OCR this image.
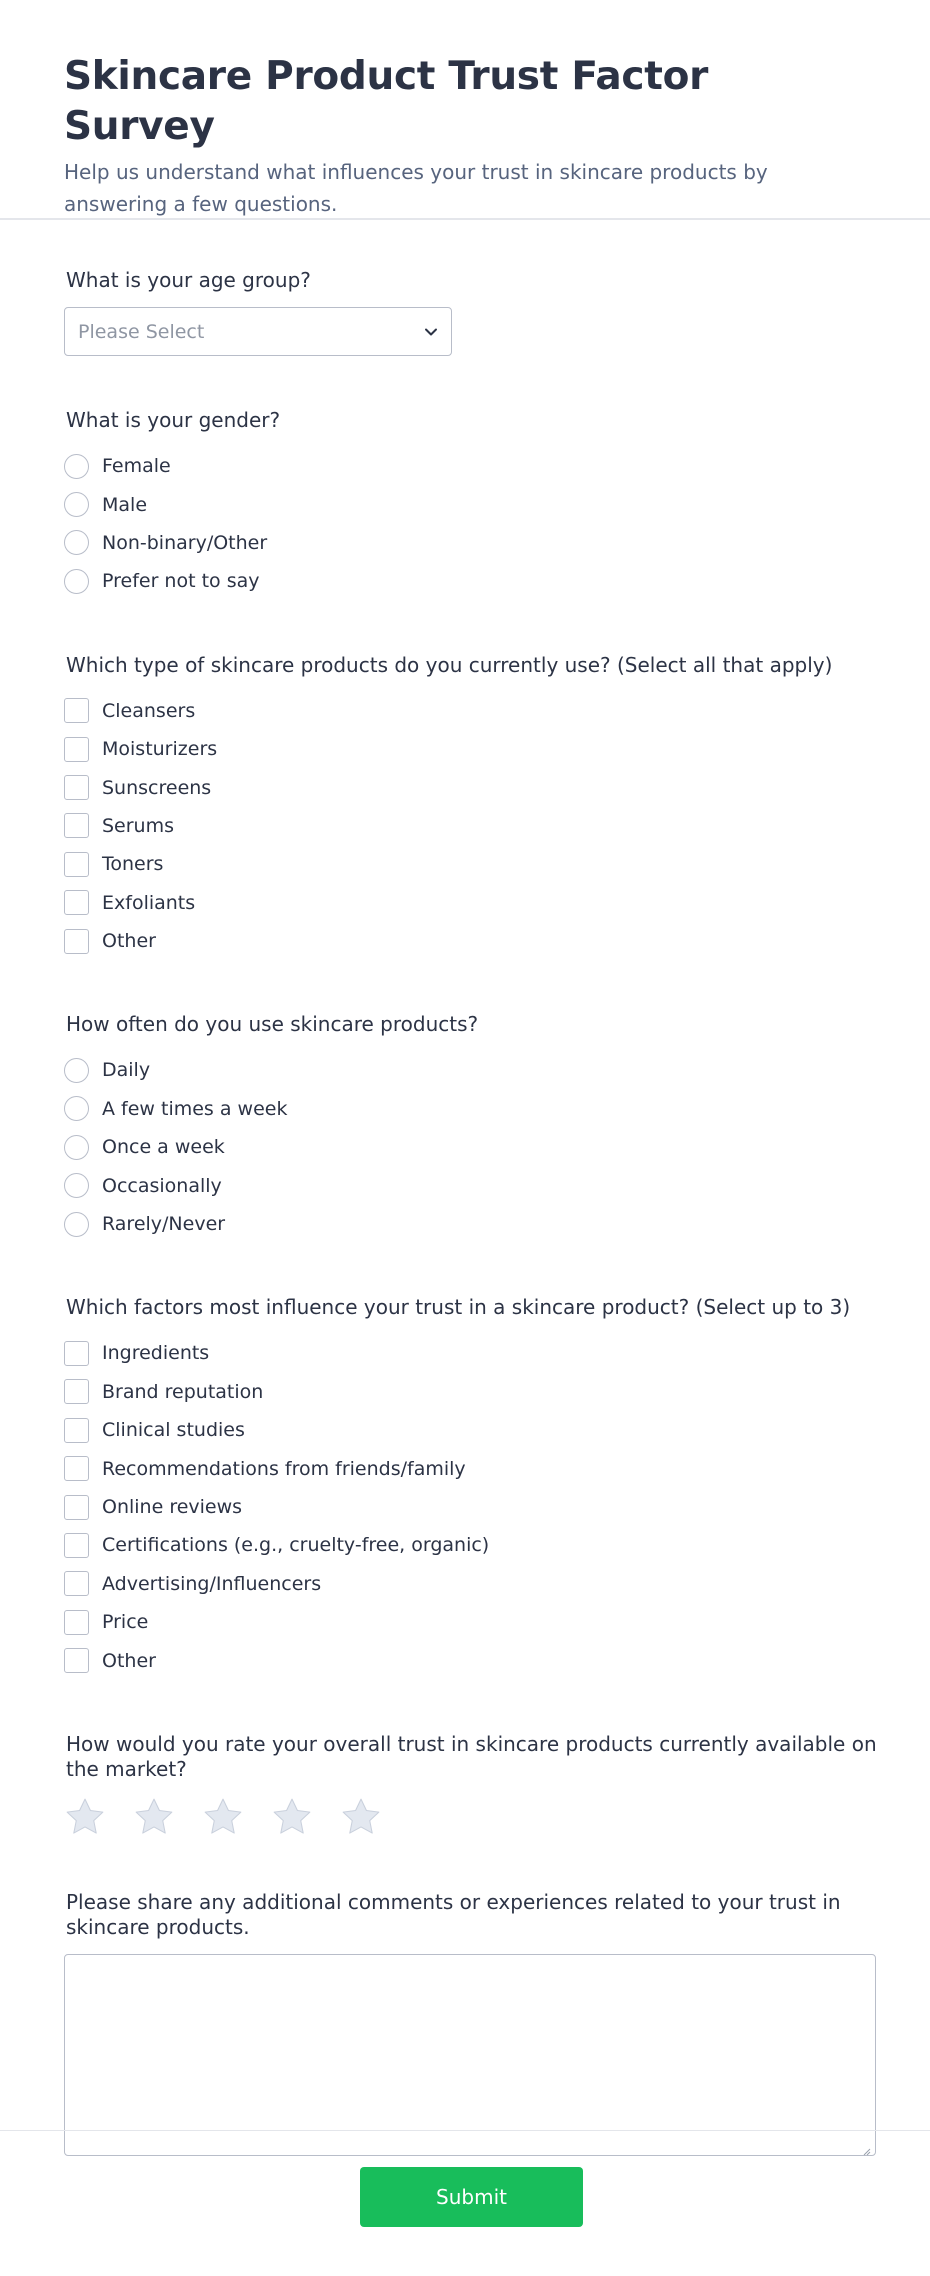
Skincare Product Trust Factor Survey

Help us understand what influences your trust in skincare products by answering a few questions.

What is your age group?
Please Select
What is your gender?
Female
Male
Non-binary/Other
Prefer not to say
Which type of skincare products do you currently use? (Select all that apply)
Cleansers
Moisturizers
Sunscreens
Serums
Toners
Exfoliants
Other
How often do you use skincare products?
Daily
A few times a week
Once a week
Occasionally
Rarely/Never
Which factors most influence your trust in a skincare product? (Select up to 3)
Ingredients
Brand reputation
Clinical studies
Recommendations from friends/family
Online reviews
Certifications (e.g., cruelty-free, organic)
Advertising/Influencers
Price
Other
How would you rate your overall trust in skincare products currently available on the market?
Please share any additional comments or experiences related to your trust in skincare products.
Submit
